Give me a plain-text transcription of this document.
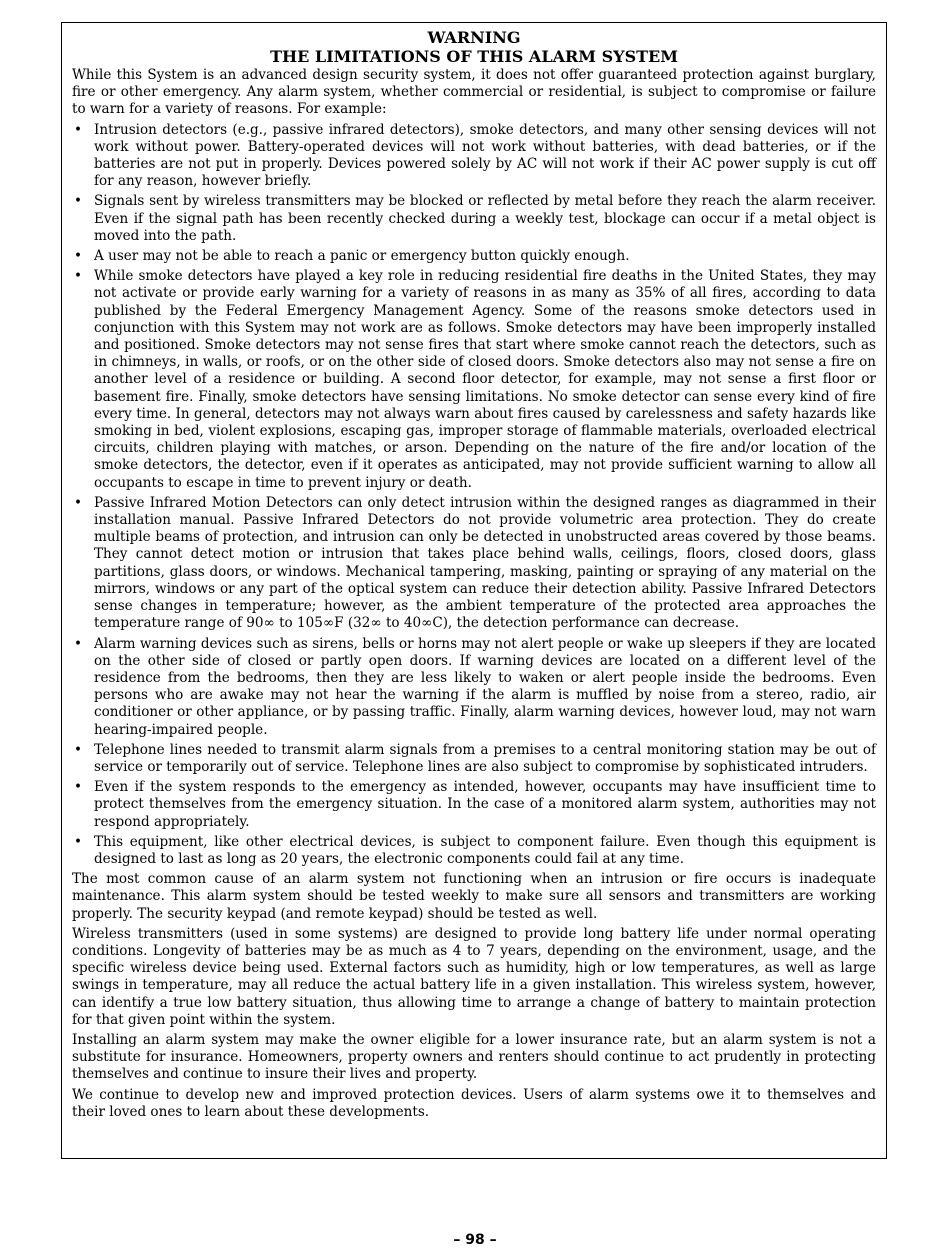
WARNING
THE LIMITATIONS OF THIS ALARM SYSTEM

While this System is an advanced design security system, it does not offer guaranteed protection against burglary, fire or other emergency. Any alarm system, whether commercial or residential, is subject to compromise or failure to warn for a variety of reasons. For example:

• Intrusion detectors (e.g., passive infrared detectors), smoke detectors, and many other sensing devices will not work without power. Battery-operated devices will not work without batteries, with dead batteries, or if the batteries are not put in properly. Devices powered solely by AC will not work if their AC power supply is cut off for any reason, however briefly.
• Signals sent by wireless transmitters may be blocked or reflected by metal before they reach the alarm receiver. Even if the signal path has been recently checked during a weekly test, blockage can occur if a metal object is moved into the path.
• A user may not be able to reach a panic or emergency button quickly enough.
• While smoke detectors have played a key role in reducing residential fire deaths in the United States, they may not activate or provide early warning for a variety of reasons in as many as 35% of all fires, according to data published by the Federal Emergency Management Agency. Some of the reasons smoke detectors used in conjunction with this System may not work are as follows. Smoke detectors may have been improperly installed and positioned. Smoke detectors may not sense fires that start where smoke cannot reach the detectors, such as in chimneys, in walls, or roofs, or on the other side of closed doors. Smoke detectors also may not sense a fire on another level of a residence or building. A second floor detector, for example, may not sense a first floor or basement fire. Finally, smoke detectors have sensing limitations. No smoke detector can sense every kind of fire every time. In general, detectors may not always warn about fires caused by carelessness and safety hazards like smoking in bed, violent explosions, escaping gas, improper storage of flammable materials, overloaded electrical circuits, children playing with matches, or arson. Depending on the nature of the fire and/or location of the smoke detectors, the detector, even if it operates as anticipated, may not provide sufficient warning to allow all occupants to escape in time to prevent injury or death.
• Passive Infrared Motion Detectors can only detect intrusion within the designed ranges as diagrammed in their installation manual. Passive Infrared Detectors do not provide volumetric area protection. They do create multiple beams of protection, and intrusion can only be detected in unobstructed areas covered by those beams. They cannot detect motion or intrusion that takes place behind walls, ceilings, floors, closed doors, glass partitions, glass doors, or windows. Mechanical tampering, masking, painting or spraying of any material on the mirrors, windows or any part of the optical system can reduce their detection ability. Passive Infrared Detectors sense changes in temperature; however, as the ambient temperature of the protected area approaches the temperature range of 90∞ to 105∞F (32∞ to 40∞C), the detection performance can decrease.
• Alarm warning devices such as sirens, bells or horns may not alert people or wake up sleepers if they are located on the other side of closed or partly open doors. If warning devices are located on a different level of the residence from the bedrooms, then they are less likely to waken or alert people inside the bedrooms. Even persons who are awake may not hear the warning if the alarm is muffled by noise from a stereo, radio, air conditioner or other appliance, or by passing traffic. Finally, alarm warning devices, however loud, may not warn hearing-impaired people.
• Telephone lines needed to transmit alarm signals from a premises to a central monitoring station may be out of service or temporarily out of service. Telephone lines are also subject to compromise by sophisticated intruders.
• Even if the system responds to the emergency as intended, however, occupants may have insufficient time to protect themselves from the emergency situation. In the case of a monitored alarm system, authorities may not respond appropriately.
• This equipment, like other electrical devices, is subject to component failure. Even though this equipment is designed to last as long as 20 years, the electronic components could fail at any time.

The most common cause of an alarm system not functioning when an intrusion or fire occurs is inadequate maintenance. This alarm system should be tested weekly to make sure all sensors and transmitters are working properly. The security keypad (and remote keypad) should be tested as well.

Wireless transmitters (used in some systems) are designed to provide long battery life under normal operating conditions. Longevity of batteries may be as much as 4 to 7 years, depending on the environment, usage, and the specific wireless device being used. External factors such as humidity, high or low temperatures, as well as large swings in temperature, may all reduce the actual battery life in a given installation. This wireless system, however, can identify a true low battery situation, thus allowing time to arrange a change of battery to maintain protection for that given point within the system.

Installing an alarm system may make the owner eligible for a lower insurance rate, but an alarm system is not a substitute for insurance. Homeowners, property owners and renters should continue to act prudently in protecting themselves and continue to insure their lives and property.

We continue to develop new and improved protection devices. Users of alarm systems owe it to themselves and their loved ones to learn about these developments.

– 98 –
